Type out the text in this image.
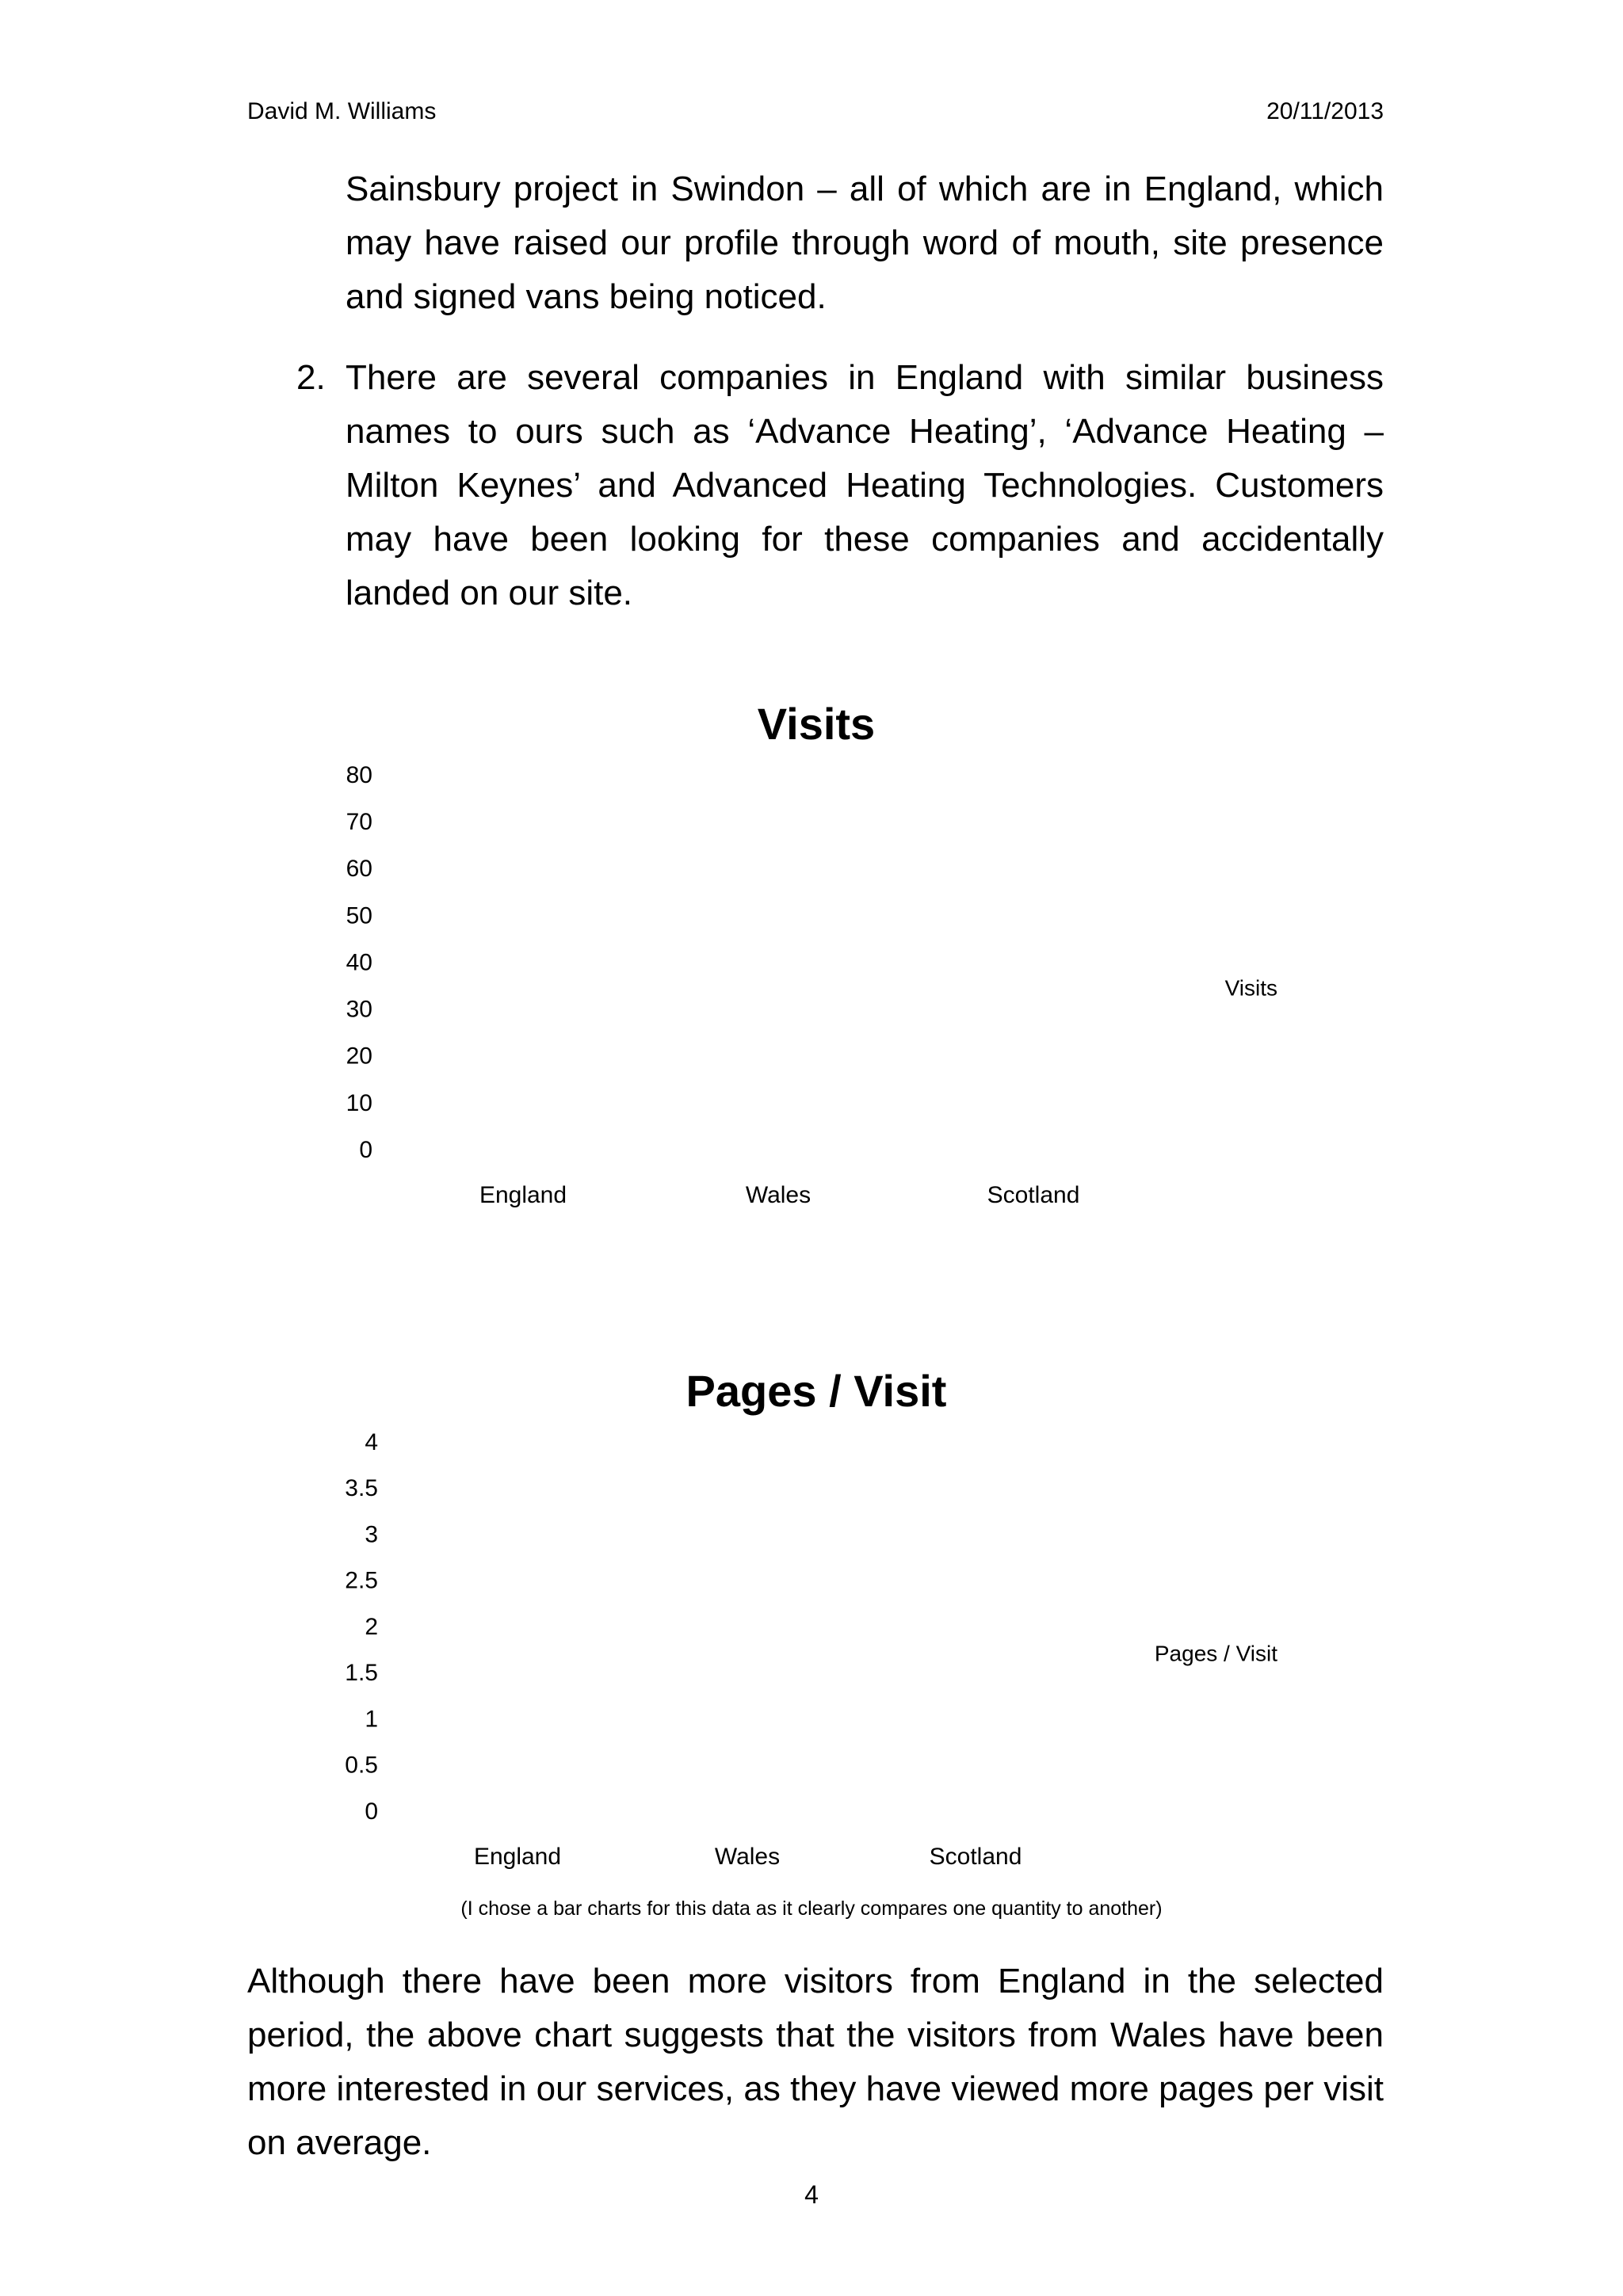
David M. Williams	20/11/2013
Sainsbury project in Swindon – all of which are in England, which may have raised our profile through word of mouth, site presence and signed vans being noticed.
2. There are several companies in England with similar business names to ours such as ‘Advance Heating’, ‘Advance Heating – Milton Keynes’ and Advanced Heating Technologies. Customers may have been looking for these companies and accidentally landed on our site.
Visits
0
10
20
30
40
50
60
70
80
England	Wales	Scotland
Visits
Pages / Visit
0
0.5
1
1.5
2
2.5
3
3.5
4
England	Wales	Scotland
Pages / Visit
(I chose a bar charts for this data as it clearly compares one quantity to another)
Although there have been more visitors from England in the selected period, the above chart suggests that the visitors from Wales have been more interested in our services, as they have viewed more pages per visit on average.
4
